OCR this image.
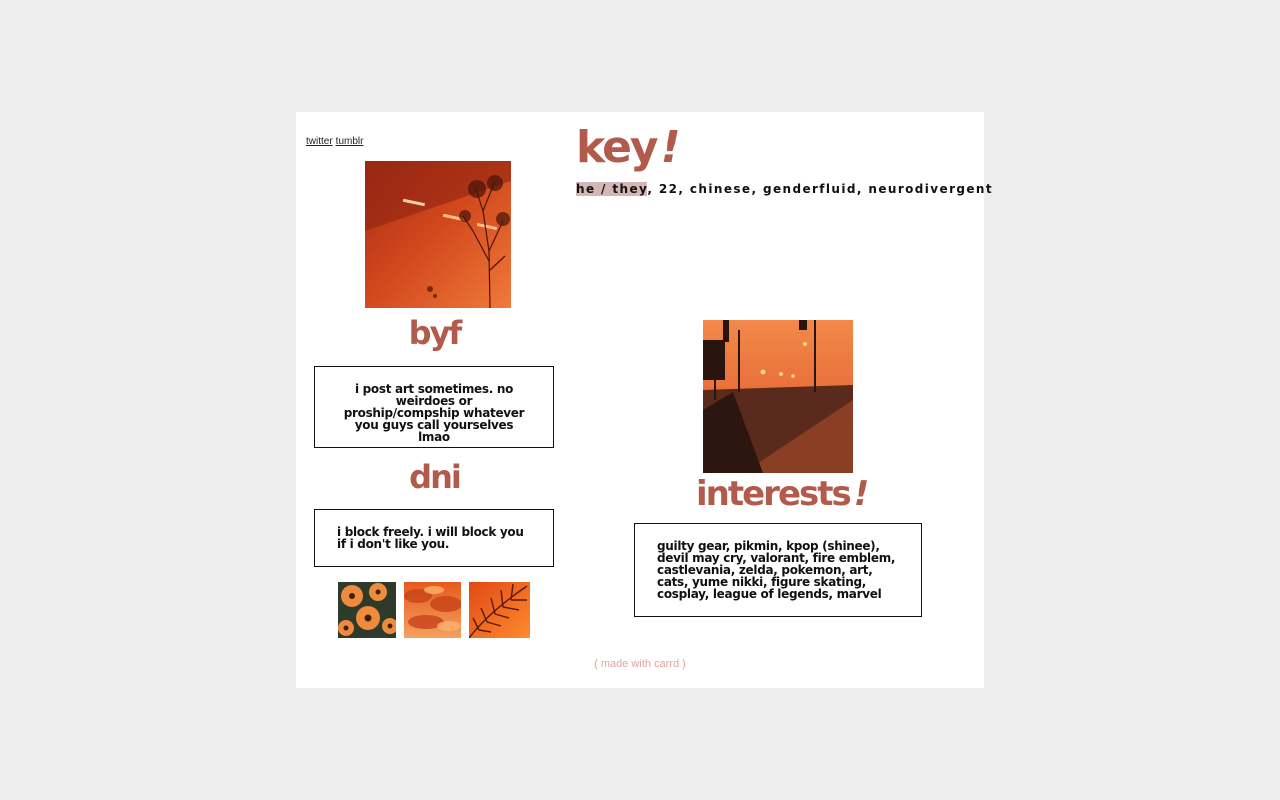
twitter tumblr
byf

i post art sometimes. no weirdoes or proship/compship whatever you guys call yourselves lmao

dni

i block freely. i will block you if i don't like you.

key!
he / they, 22, chinese, genderfluid, neurodivergent
interests !

guilty gear, pikmin, kpop (shinee), devil may cry, valorant, fire emblem, castlevania, zelda, pokemon, art, cats, yume nikki, figure skating, cosplay, league of legends, marvel

( made with carrd )
